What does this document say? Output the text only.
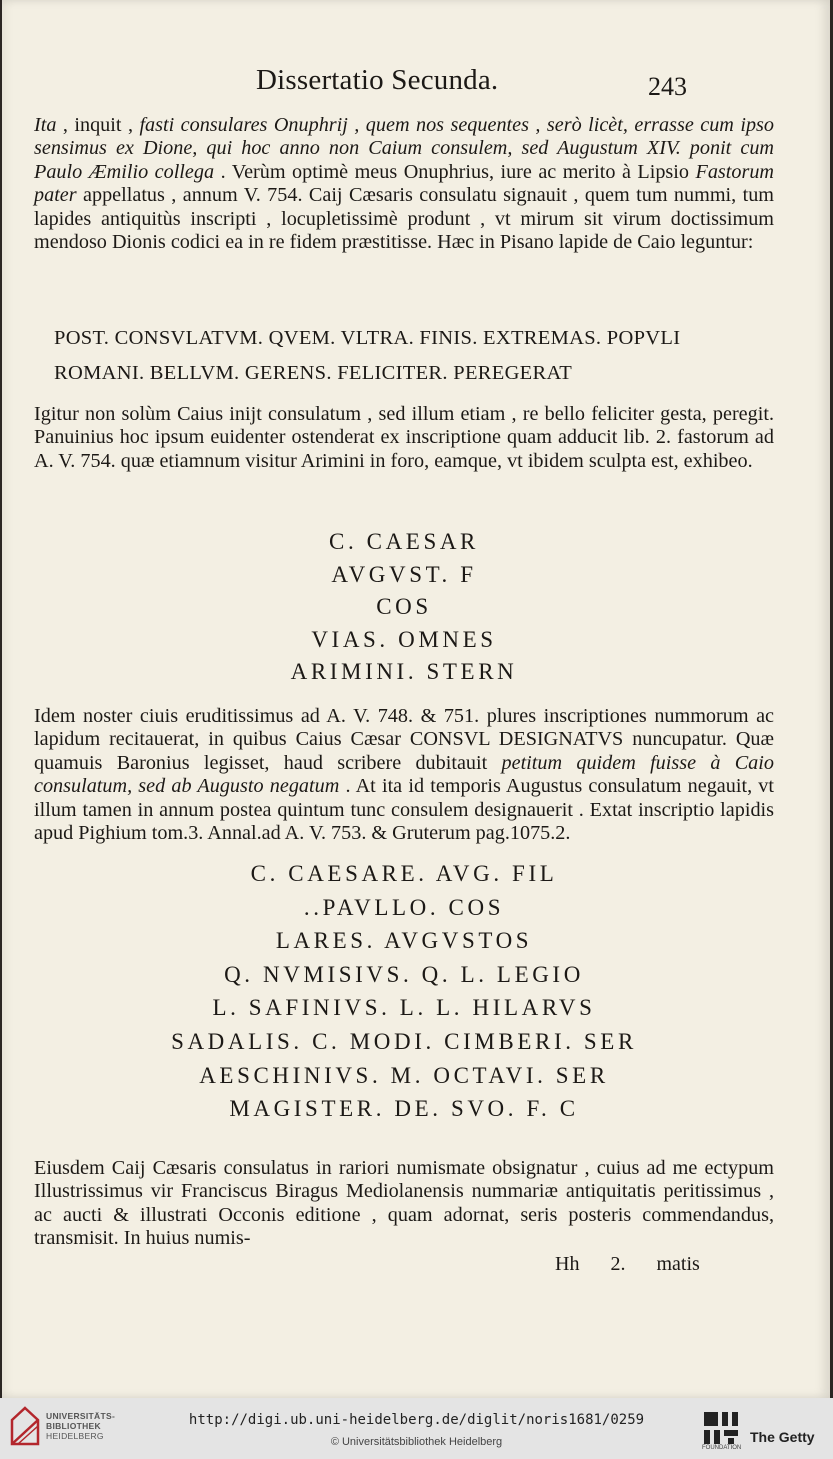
Dissertatio Secunda.	243
Ita , inquit , fasti consulares Onuphrij , quem nos sequentes , serò licèt, errasse cum ipso sensimus ex Dione, qui hoc anno non Caium consulem, sed Augustum XIV. ponit cum Paulo Æmilio collega . Verùm optimè meus Onuphrius, iure ac merito à Lipsio Fastorum pater appellatus , annum V. 754. Caij Cæsaris consulatu signauit , quem tum nummi, tum lapides antiquitùs inscripti , locupletissimè produnt , vt mirum sit virum doctissimum mendoso Dionis codici ea in re fidem præstitisse. Hæc in Pisano lapide de Caio leguntur:
POST. CONSVLATVM. QVEM. VLTRA. FINIS. EXTREMAS. POPVLI
ROMANI. BELLVM. GERENS. FELICITER. PEREGERAT
Igitur non solùm Caius inijt consulatum , sed illum etiam , re bello feliciter gesta, peregit. Panuinius hoc ipsum euidenter ostenderat ex inscriptione quam adducit lib. 2. fastorum ad A. V. 754. quæ etiamnum visitur Arimini in foro, eamque, vt ibidem sculpta est, exhibeo.
C. CAESAR
AVGVST. F
COS
VIAS. OMNES
ARIMINI. STERN
Idem noster ciuis eruditissimus ad A. V. 748. & 751. plures inscriptiones nummorum ac lapidum recitauerat, in quibus Caius Cæsar CONSVL DESIGNATVS nuncupatur. Quæ quamuis Baronius legisset, haud scribere dubitauit petitum quidem fuisse à Caio consulatum, sed ab Augusto negatum . At ita id temporis Augustus consulatum negauit, vt illum tamen in annum postea quintum tunc consulem designauerit . Extat inscriptio lapidis apud Pighium tom.3. Annal.ad A. V. 753. & Gruterum pag.1075.2.
C. CAESARE. AVG. FIL
..PAVLLO. COS
LARES. AVGVSTOS
Q. NVMISIVS. Q. L. LEGIO
L. SAFINIVS. L. L. HILARVS
SADALIS. C. MODI. CIMBERI. SER
AESCHINIVS. M. OCTAVI. SER
MAGISTER. DE. SVO. F. C
Eiusdem Caij Cæsaris consulatus in rariori numismate obsignatur , cuius ad me ectypum Illustrissimus vir Franciscus Biragus Mediolanensis nummariæ antiquitatis peritissimus , ac aucti & illustrati Occonis editione , quam adornat, seris posteris commendandus, transmisit. In huius numis-
Hh 2. matis
UNIVERSITÄTS-
BIBLIOTHEK
HEIDELBERG
http://digi.ub.uni-heidelberg.de/diglit/noris1681/0259
© Universitätsbibliothek Heidelberg	The Getty
FOUNDATION
